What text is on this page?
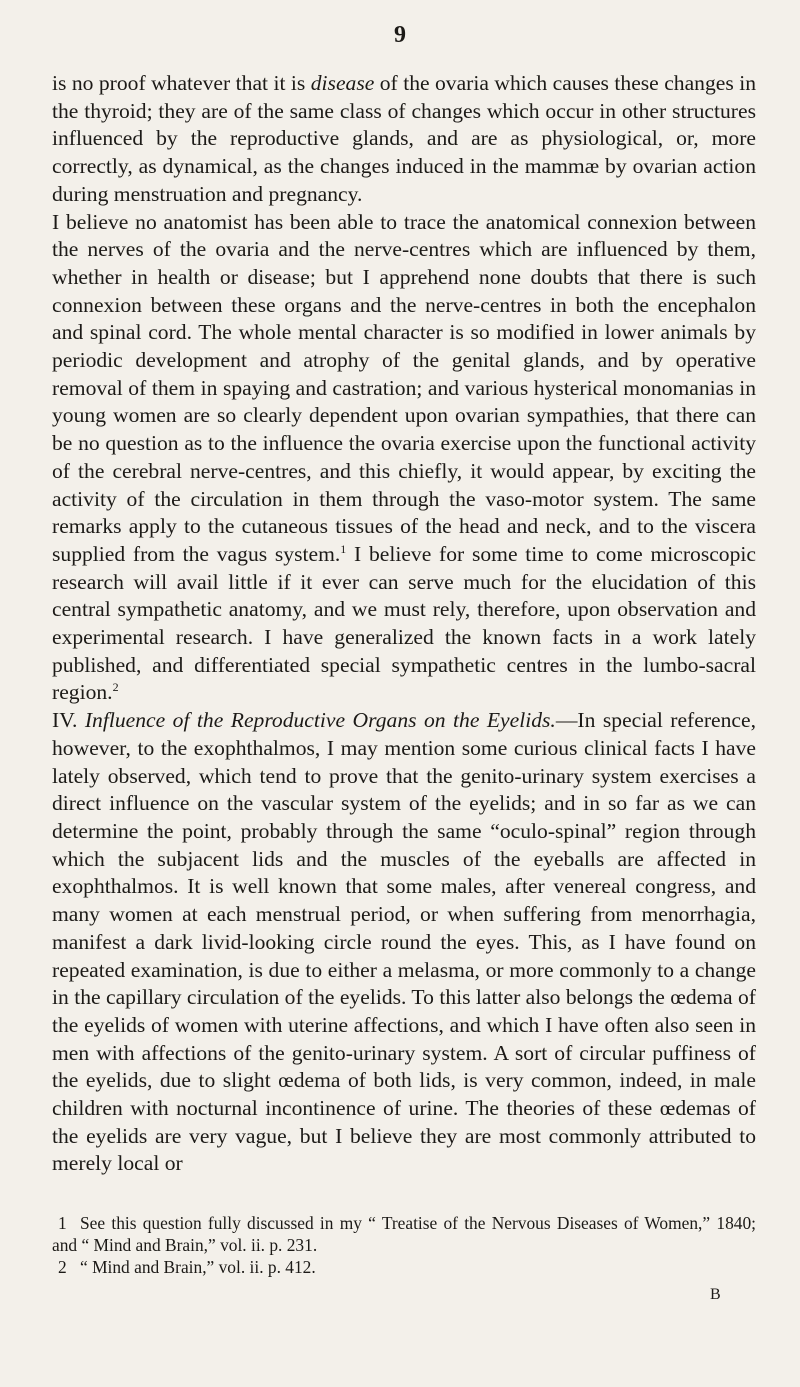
9

is no proof whatever that it is disease of the ovaria which causes these changes in the thyroid; they are of the same class of changes which occur in other structures influenced by the reproductive glands, and are as physiological, or, more correctly, as dynamical, as the changes induced in the mammæ by ovarian action during menstruation and pregnancy.

I believe no anatomist has been able to trace the anatomical connexion between the nerves of the ovaria and the nerve-centres which are influenced by them, whether in health or disease; but I apprehend none doubts that there is such connexion between these organs and the nerve-centres in both the encephalon and spinal cord. The whole mental character is so modified in lower animals by periodic development and atrophy of the genital glands, and by operative removal of them in spaying and castration; and various hysterical monomanias in young women are so clearly dependent upon ovarian sympathies, that there can be no question as to the influence the ovaria exercise upon the functional activity of the cerebral nerve-centres, and this chiefly, it would appear, by exciting the activity of the circulation in them through the vaso-motor system. The same remarks apply to the cutaneous tissues of the head and neck, and to the viscera supplied from the vagus system.$^1$ I believe for some time to come microscopic research will avail little if it ever can serve much for the elucidation of this central sympathetic anatomy, and we must rely, therefore, upon observation and experimental research. I have generalized the known facts in a work lately published, and differentiated special sympathetic centres in the lumbo-sacral region.$^2$

IV. Influence of the Reproductive Organs on the Eyelids.—In special reference, however, to the exophthalmos, I may mention some curious clinical facts I have lately observed, which tend to prove that the genito-urinary system exercises a direct influence on the vascular system of the eyelids; and in so far as we can determine the point, probably through the same “oculo-spinal” region through which the subjacent lids and the muscles of the eyeballs are affected in exophthalmos. It is well known that some males, after venereal congress, and many women at each menstrual period, or when suffering from menorrhagia, manifest a dark livid-looking circle round the eyes. This, as I have found on repeated examination, is due to either a melasma, or more commonly to a change in the capillary circulation of the eyelids. To this latter also belongs the œdema of the eyelids of women with uterine affections, and which I have often also seen in men with affections of the genito-urinary system. A sort of circular puffiness of the eyelids, due to slight œdema of both lids, is very common, indeed, in male children with nocturnal incontinence of urine. The theories of these œdemas of the eyelids are very vague, but I believe they are most commonly attributed to merely local or

1 See this question fully discussed in my “ Treatise of the Nervous Diseases of Women,” 1840; and “ Mind and Brain,” vol. ii. p. 231.

2 “ Mind and Brain,” vol. ii. p. 412.

B
